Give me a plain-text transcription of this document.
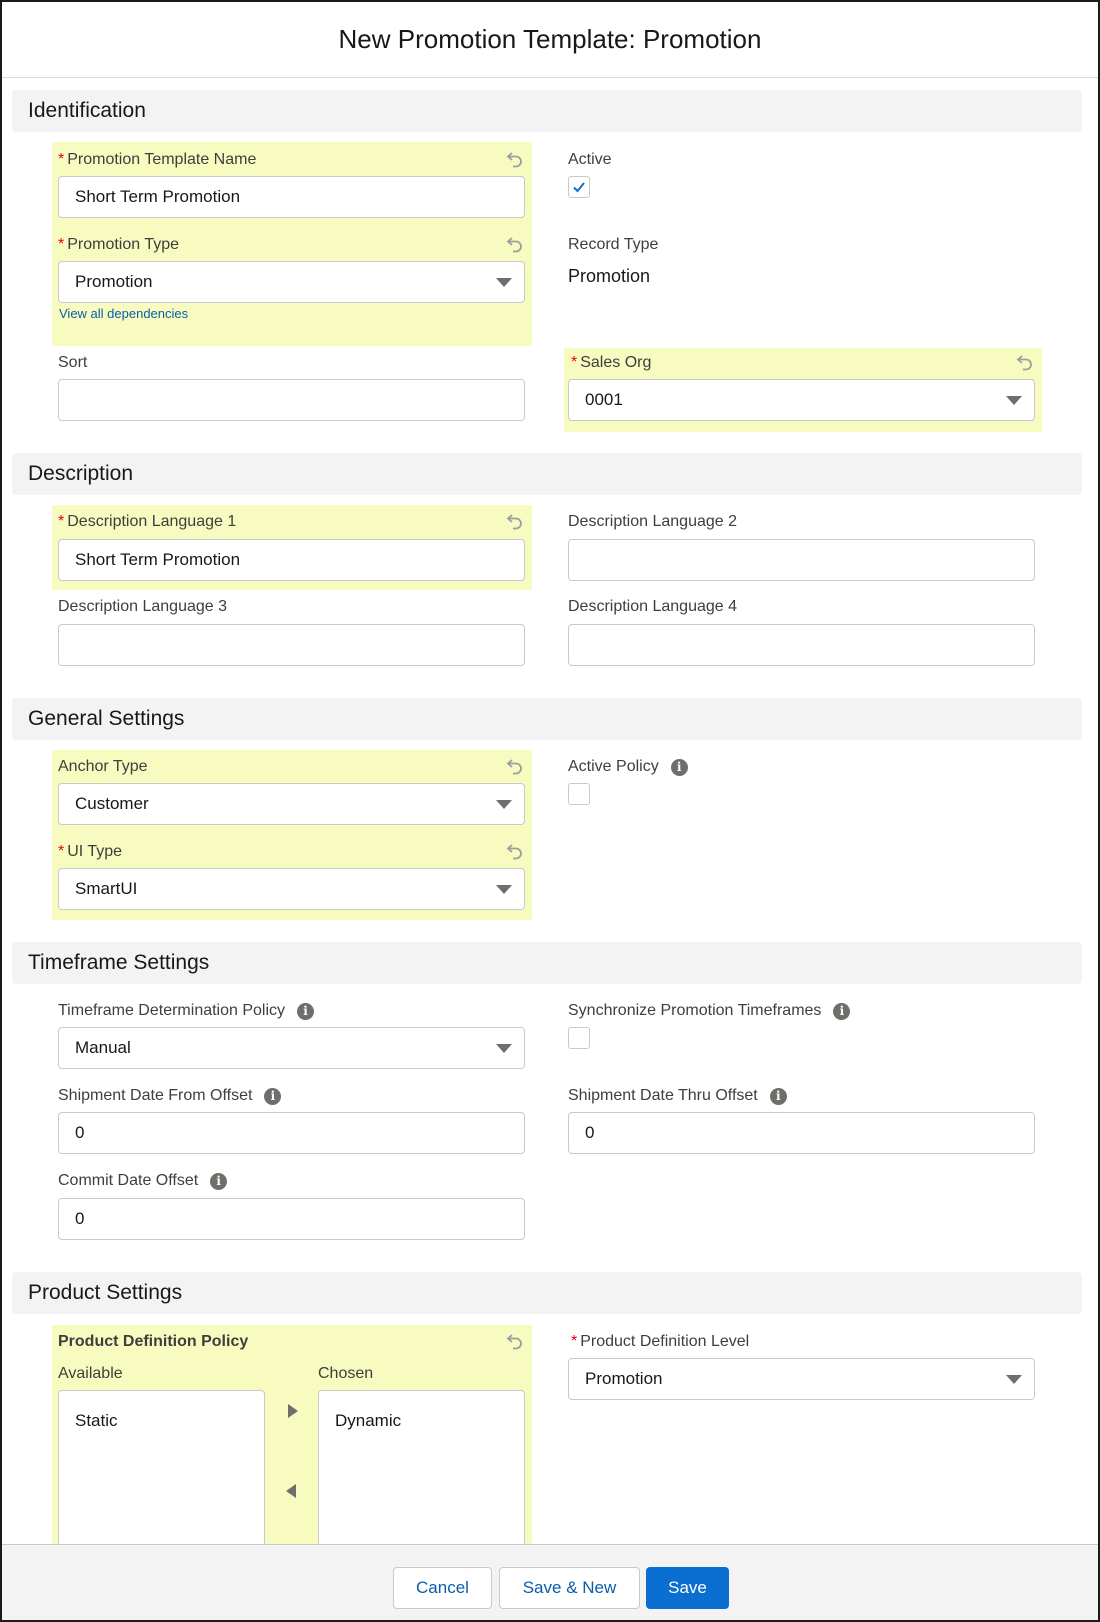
New Promotion Template: Promotion
Identification
* Promotion Template Name
Short Term Promotion
Active
* Promotion Type
Promotion
View all dependencies
Record Type
Promotion
Sort	* Sales Org
0001
Description
* Description Language 1
Short Term Promotion
Description Language 2
Description Language 3	Description Language 4
General Settings
Anchor Type
Customer
Active Policy	i
* UI Type
SmartUI
Timeframe Settings
Timeframe Determination Policy	i
Manual
Synchronize Promotion Timeframes	i
Shipment Date From Offset	i
0
Shipment Date Thru Offset	i
0
Commit Date Offset	i
0
Product Settings
Product Definition Policy
Available	Chosen
Static	Dynamic
* Product Definition Level
Promotion
Cancel	Save & New	Save
